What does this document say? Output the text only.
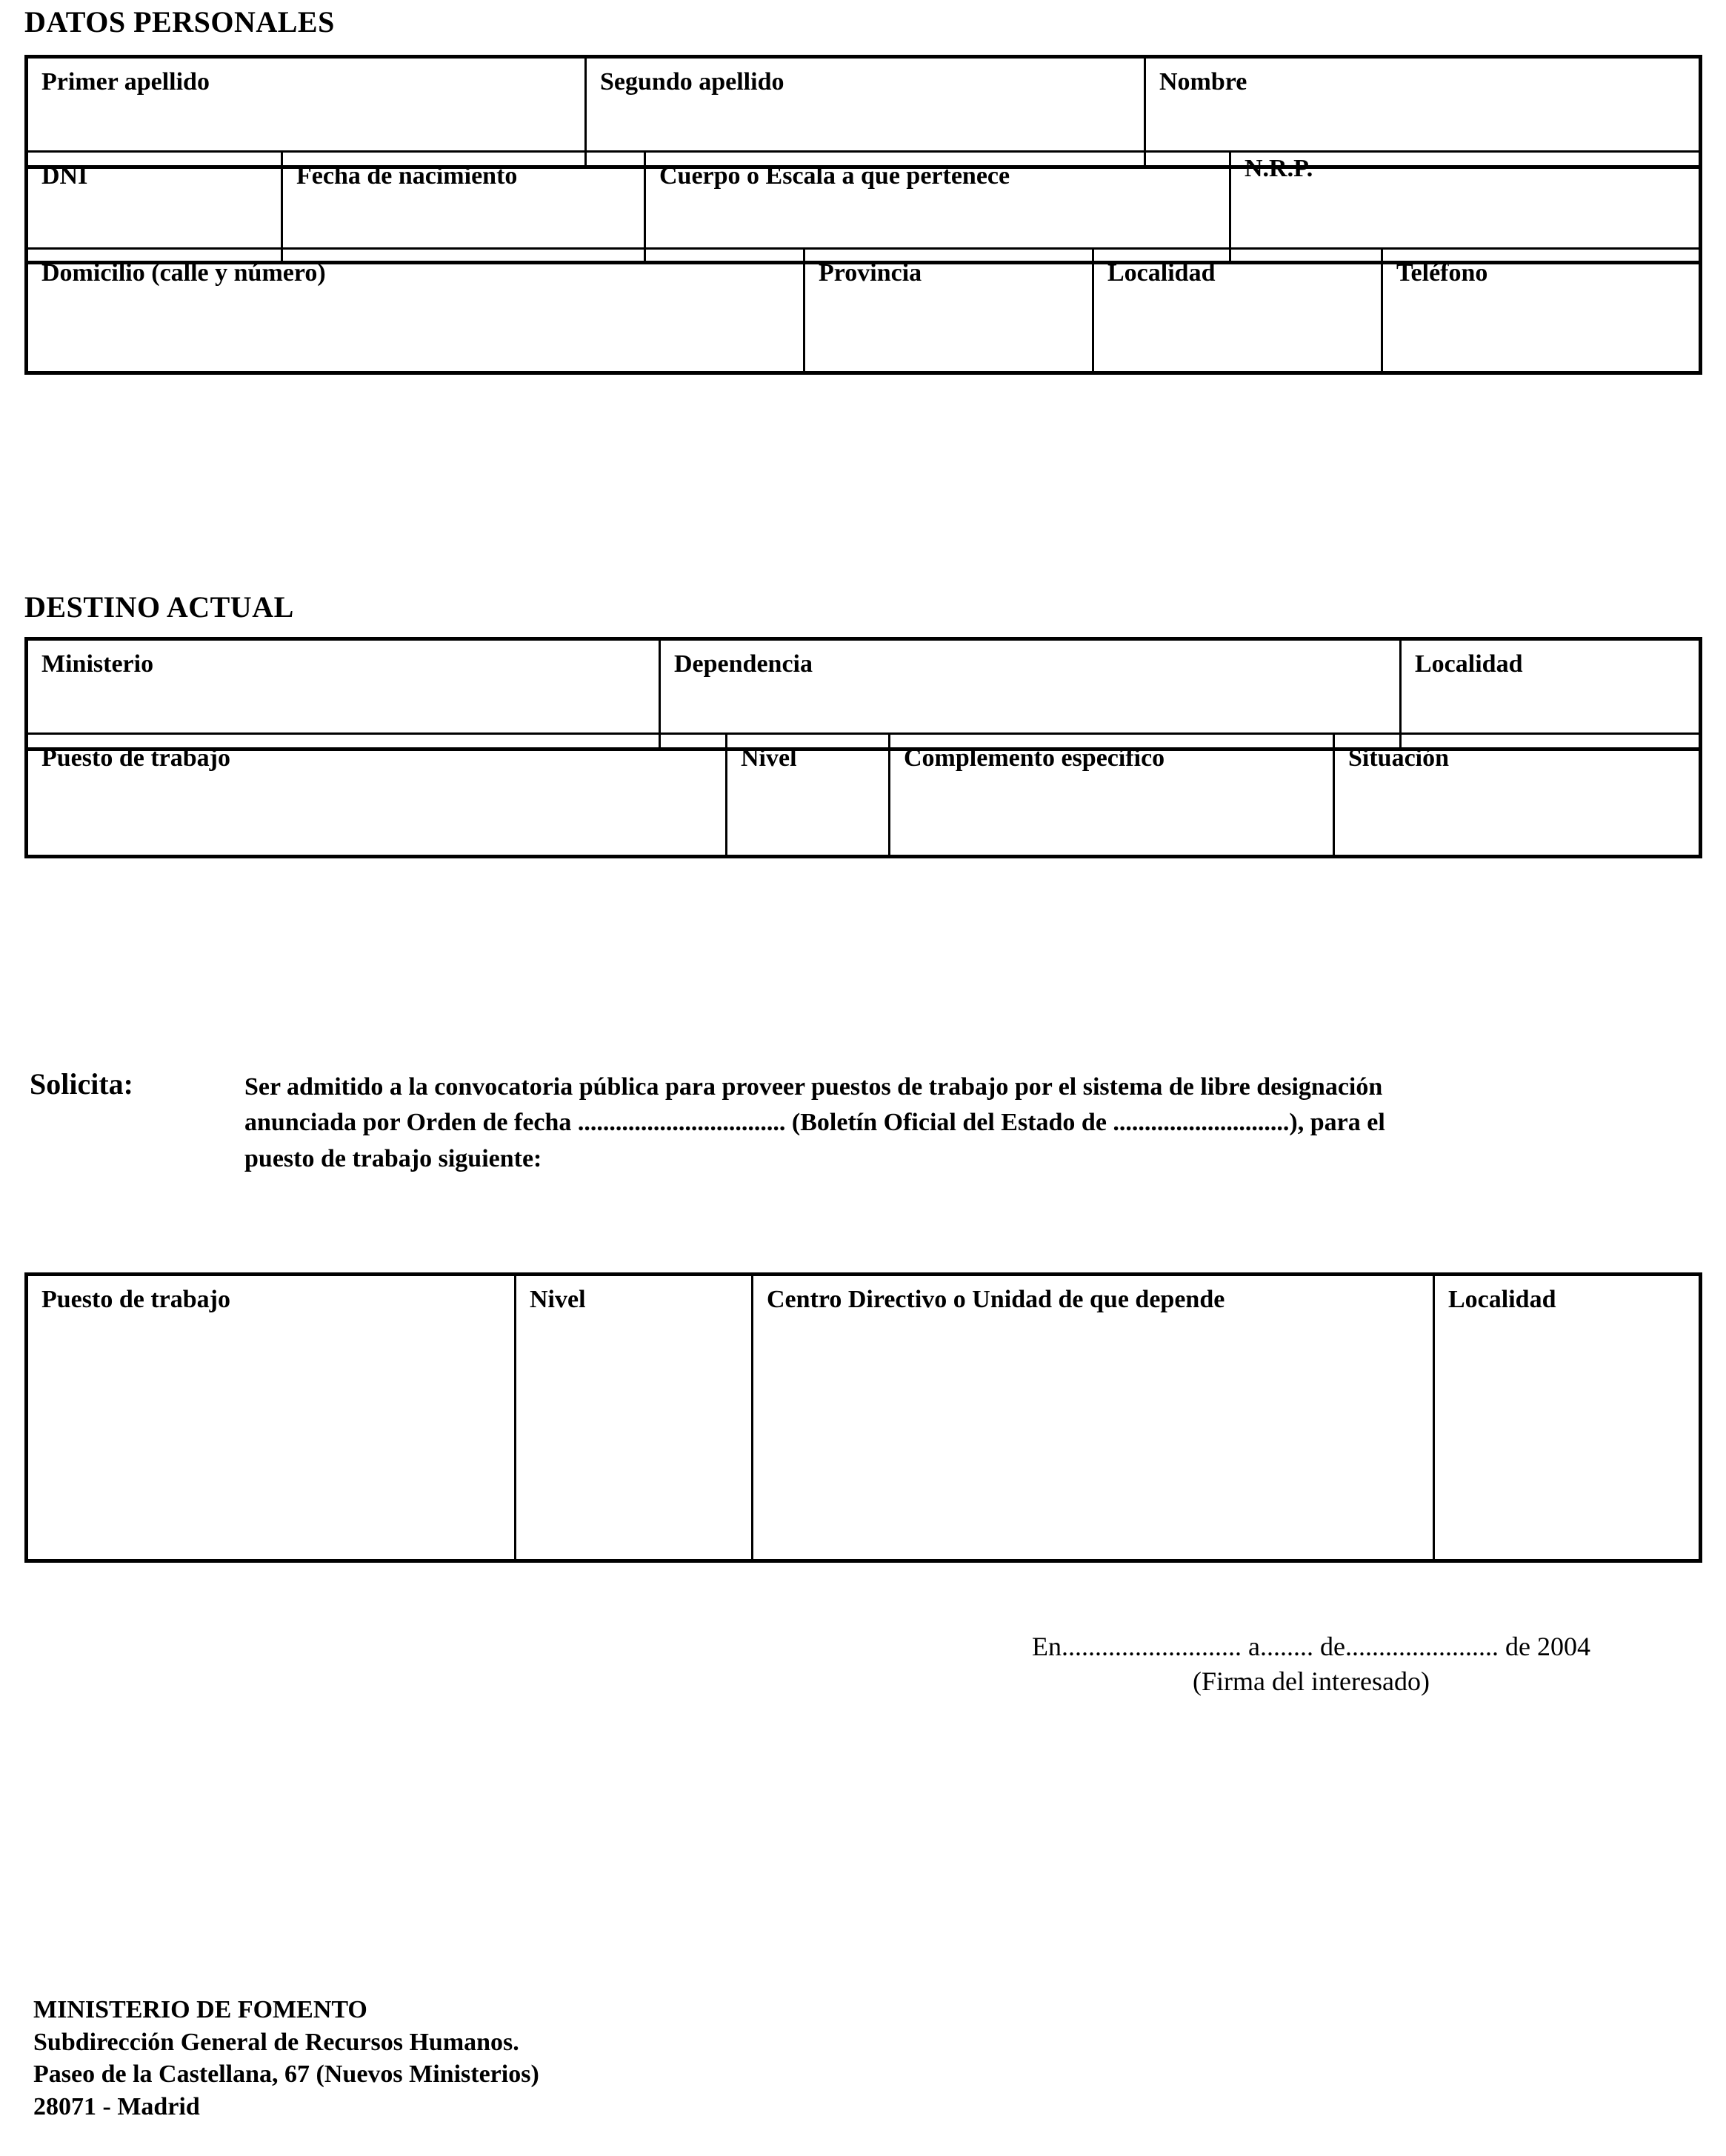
DATOS PERSONALES
Primer apellido	Segundo apellido	Nombre
DNI	Fecha de nacimiento	Cuerpo o Escala a que pertenece	N.R.P.
Domicilio (calle y número)	Provincia	Localidad	Teléfono
DESTINO ACTUAL
Ministerio	Dependencia	Localidad
Puesto de trabajo	Nivel	Complemento específico	Situación
Solicita:	Ser admitido a la convocatoria pública para proveer puestos de trabajo por el sistema de libre designación

anunciada por Orden de fecha ................................. (Boletín Oficial del Estado de ............................), para el

puesto de trabajo siguiente:

Puesto de trabajo	Nivel	Centro Directivo o Unidad de que depende	Localidad
En........................... a........ de....................... de 2004
(Firma del interesado)
MINISTERIO DE FOMENTO
Subdirección General de Recursos Humanos.
Paseo de la Castellana, 67 (Nuevos Ministerios)
28071 - Madrid
